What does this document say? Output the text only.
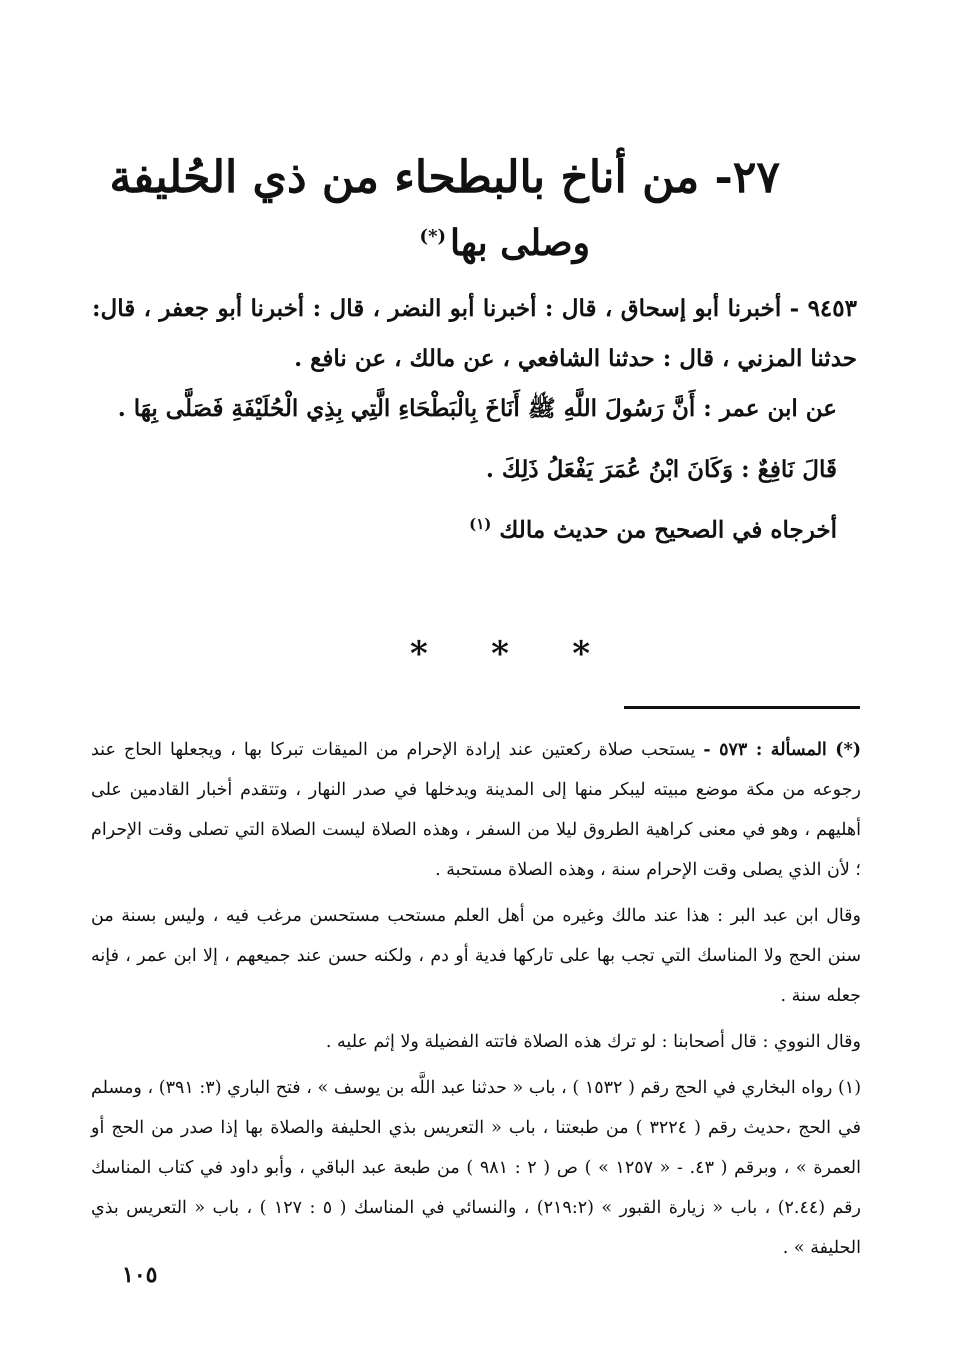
٢٧- من أناخ بالبطحاء من ذي الحُليفة
وصلى بها(*)
٩٤٥٣ - أخبرنا أبو إسحاق ، قال : أخبرنا أبو النضر ، قال : أخبرنا أبو جعفر ، قال: حدثنا المزني ، قال : حدثنا الشافعي ، عن مالك ، عن نافع .
عن ابن عمر : أَنَّ رَسُولَ اللَّهِ ﷺ أَنَاخَ بِالْبَطْحَاءِ الَّتِي بِذِي الْحُلَيْفَةِ فَصَلَّى بِهَا .
قَالَ نَافِعٌ : وَكَانَ ابْنُ عُمَرَ يَفْعَلُ ذَلِكَ .
أخرجاه في الصحيح من حديث مالك $^{(١)}$
* * *

(*) المسألة : ٥٧٣ - يستحب صلاة ركعتين عند إرادة الإحرام من الميقات تبركا بها ، ويجعلها الحاج عند رجوعه من مكة موضع مبيته ليبكر منها إلى المدينة ويدخلها في صدر النهار ، وتتقدم أخبار القادمين على أهليهم ، وهو في معنى كراهية الطروق ليلا من السفر ، وهذه الصلاة ليست الصلاة التي تصلى وقت الإحرام ؛ لأن الذي يصلى وقت الإحرام سنة ، وهذه الصلاة مستحبة .

وقال ابن عبد البر : هذا عند مالك وغيره من أهل العلم مستحب مستحسن مرغب فيه ، وليس بسنة من سنن الحج ولا المناسك التي تجب بها على تاركها فدية أو دم ، ولكنه حسن عند جميعهم ، إلا ابن عمر ، فإنه جعله سنة .

وقال النووي : قال أصحابنا : لو ترك هذه الصلاة فاتته الفضيلة ولا إثم عليه .

(١) رواه البخاري في الحج رقم ( ١٥٣٢ ) ، باب « حدثنا عبد اللَّه بن يوسف » ، فتح الباري (٣: ٣٩١) ، ومسلم في الحج ،حديث رقم ( ٣٢٢٤ ) من طبعتنا ، باب « التعريس بذي الحليفة والصلاة بها إذا صدر من الحج أو العمرة » ، وبرقم ( ٤٣. - « ١٢٥٧ » ) ص ( ٢ : ٩٨١ ) من طبعة عبد الباقي ، وأبو داود في كتاب المناسك رقم (٢.٤٤) ، باب « زيارة القبور » (٢١٩:٢) ، والنسائي في المناسك ( ٥ : ١٢٧ ) ، باب « التعريس بذي الحليفة » .

١٠٥
